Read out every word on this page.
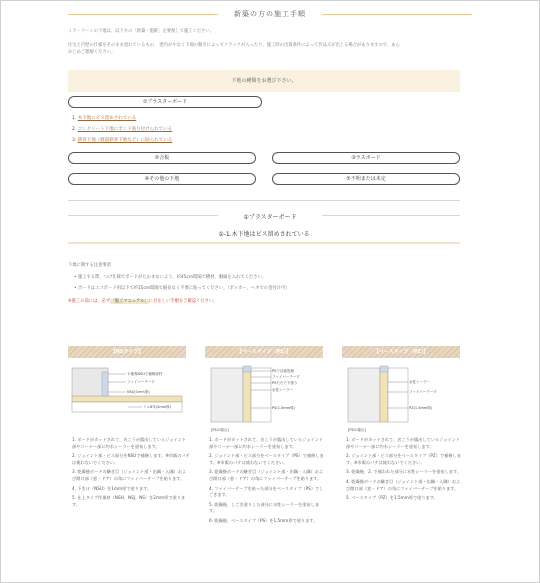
新築の方の施工手順
ミラ・クーンの下地は、以下方の「新築・施錠」を要視して施工ください。
住宅と内壁の仕様をそのまま流れているもの、 壁内がやなく下地の動きによってクラックが入ったり、施工時の出資条件によって作品ズが出じる場合がありますので、あら
かじめご理解ください。
下地の種類をお選び下さい。
①プラスターボード
1. 木下地にビス留めされている
2. コンクリート下地にボンド張り付けられている
3. 鉄骨下地（軽量鉄骨下地など）に貼られている
②合板	③ラスボード
④その他の下地	⑤不明または未定
①プラスターボード
①-1.木下地はビス留めされている
下地に関する注意事項
• 施工する際、つけ仕様でボードがたわまないよう、約45cm間隔で横材、胴縁を入れてください。
• ボードはエコボード用以下で約15cm間隔で縦長なく不要に貼ってください。（ボッカー、ヘタでの金付け可）
※施工の前には、必ず「施工マニュアル」に目をしい手順をご確認ください。
【NSタイプ】
下地専NSUで補修部材
ファイバーテープ
NSU(1mm厚)
ミニ6年(2mm厚)
1. ボードがカットされて、名こうが露出しているジョイント部やコーナー部に約水シーラーを塗布します。
2. ジョイント部・ビス部分をNSUで補修します。※市販のパテは使わないでください。
3. 乾燥後ボードの継ぎ目（ジョイント部・出隅・入隅）および開口部（窓・ドア）の角にファイバーテープを貼ります。
4. 下きけ（NSU）を1mm厚で塗ります。
5. 仕上タイプ作業材（NSH、NSJ、NS）を2mm厚で塗ります。
【ベースタイプ（PS）】
PSで目地処理
ファイバーテープ
PSたたで下塗り
水性シーラー
PS(1.5mm厚)
[PSの場合]
1. ボードがカットされて、名こうが露出しているジョイント部やコーナー部に約水シーラーを塗布します。
2. ジョイント部・ビス部分をベースタイプ（PS）で補修します。※市販のパテは使わないでください。
3. 乾燥後ボードの継ぎ目（ジョイント部・出隅・入隅）および開口部（窓・ドア）の角にファイバーテープを貼ります。
4. ファイバーテープを貼った部分をベースタイプ（PS）でしごきます。
5. 乾燥後、しごき塗りした部分に水性シーラーを塗布します。
6. 乾燥後、ベースタイプ（PS）を1.5mm厚で塗ります。
【ベースタイプ（PZ）】
水性シーラー
ファイバーテープ
PZ(1.5mm厚)
[PZの場合]
1. ボードがカットされて、名こうが露出しているジョイント部やコーナー部に約水シーラーを塗布します。
2. ジョイント部・ビス部分をベースタイプ（PZ）で補修します。※市販のパテは使わないでください。
3. 乾燥後、2. で補われた部分に水性シーラーを塗布します。
4. 乾燥後ボードの継ぎ目（ジョイント部・出隅・入隅）および開口部（窓・ドア）の角にファイバーテープを貼ります。
5. ベースタイプ（PZ）を1.5mm厚で塗ります。
